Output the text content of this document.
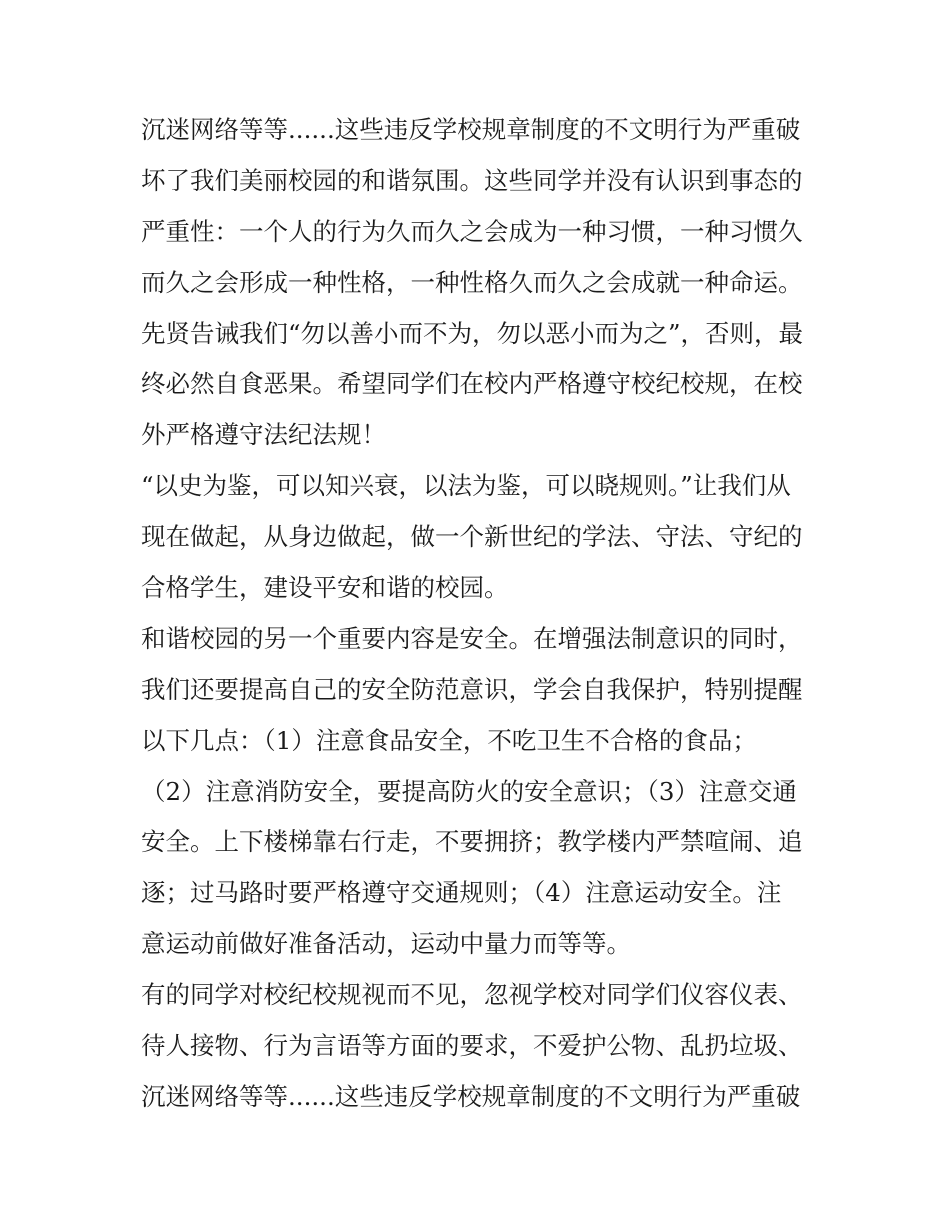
沉迷网络等等......这些违反学校规章制度的不文明行为严重破
坏了我们美丽校园的和谐氛围。这些同学并没有认识到事态的
严重性：一个人的行为久而久之会成为一种习惯，一种习惯久
而久之会形成一种性格，一种性格久而久之会成就一种命运。
先贤告诫我们“勿以善小而不为，勿以恶小而为之”，否则，最
终必然自食恶果。希望同学们在校内严格遵守校纪校规，在校
外严格遵守法纪法规！
“以史为鉴，可以知兴衰，以法为鉴，可以晓规则。”让我们从
现在做起，从身边做起，做一个新世纪的学法、守法、守纪的
合格学生，建设平安和谐的校园。
和谐校园的另一个重要内容是安全。在增强法制意识的同时，
我们还要提高自己的安全防范意识，学会自我保护，特别提醒
以下几点：（1）注意食品安全，不吃卫生不合格的食品；
（2）注意消防安全，要提高防火的安全意识；（3）注意交通
安全。上下楼梯靠右行走，不要拥挤；教学楼内严禁喧闹、追
逐；过马路时要严格遵守交通规则；（4）注意运动安全。注
意运动前做好准备活动，运动中量力而等等。
有的同学对校纪校规视而不见，忽视学校对同学们仪容仪表、
待人接物、行为言语等方面的要求，不爱护公物、乱扔垃圾、
沉迷网络等等......这些违反学校规章制度的不文明行为严重破
